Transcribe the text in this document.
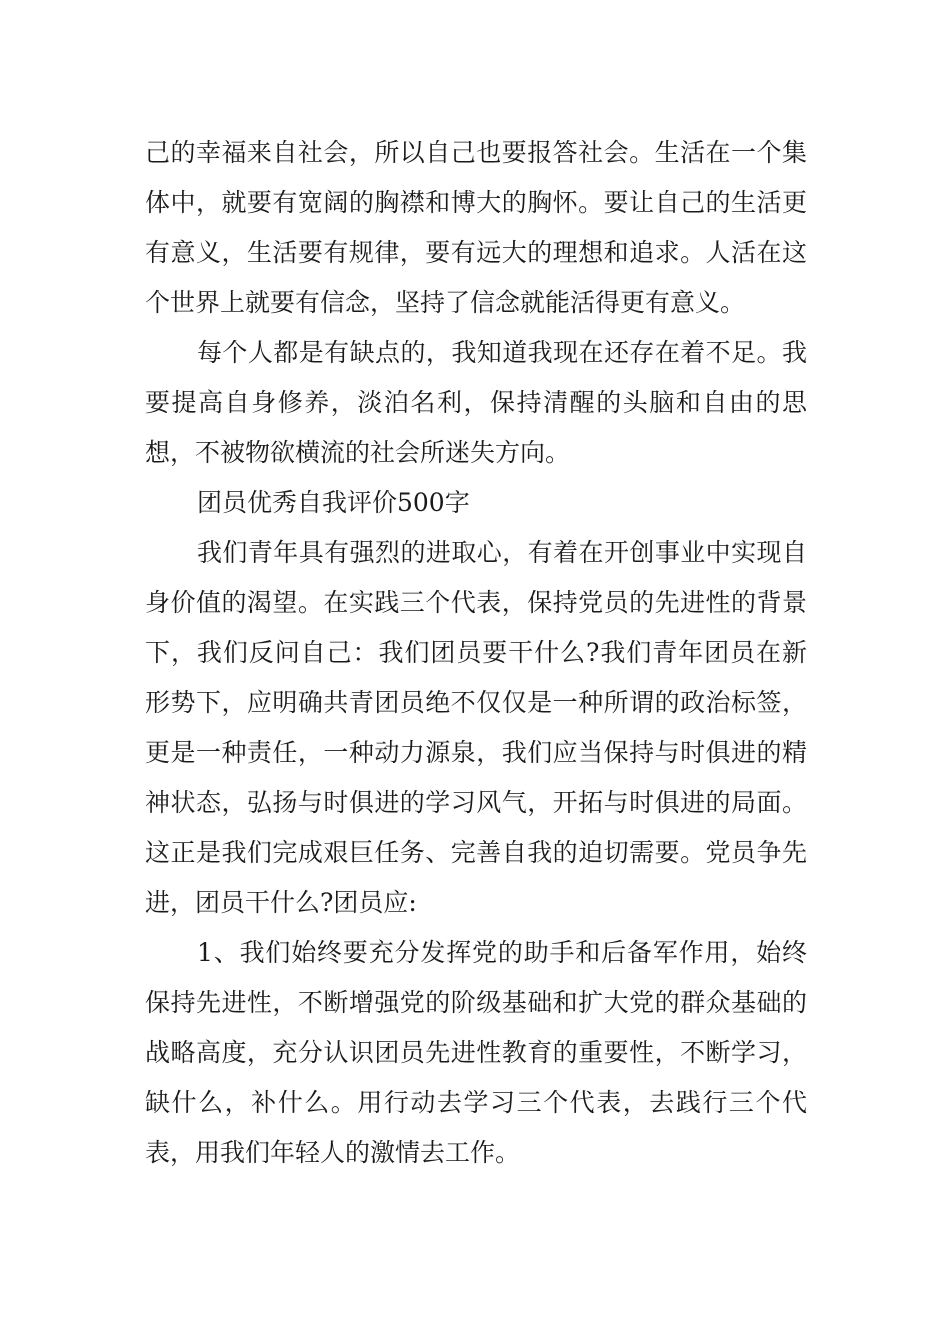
己的幸福来自社会，所以自己也要报答社会。生活在一个集体中，就要有宽阔的胸襟和博大的胸怀。要让自己的生活更有意义，生活要有规律，要有远大的理想和追求。人活在这个世界上就要有信念，坚持了信念就能活得更有意义。

每个人都是有缺点的，我知道我现在还存在着不足。我要提高自身修养，淡泊名利，保持清醒的头脑和自由的思想，不被物欲横流的社会所迷失方向。

团员优秀自我评价500字

我们青年具有强烈的进取心，有着在开创事业中实现自身价值的渴望。在实践三个代表，保持党员的先进性的背景下，我们反问自己：我们团员要干什么?我们青年团员在新形势下，应明确共青团员绝不仅仅是一种所谓的政治标签，更是一种责任，一种动力源泉，我们应当保持与时俱进的精神状态，弘扬与时俱进的学习风气，开拓与时俱进的局面。这正是我们完成艰巨任务、完善自我的迫切需要。党员争先进，团员干什么?团员应:

1、我们始终要充分发挥党的助手和后备军作用，始终保持先进性，不断增强党的阶级基础和扩大党的群众基础的战略高度，充分认识团员先进性教育的重要性，不断学习，缺什么，补什么。用行动去学习三个代表，去践行三个代表，用我们年轻人的激情去工作。
